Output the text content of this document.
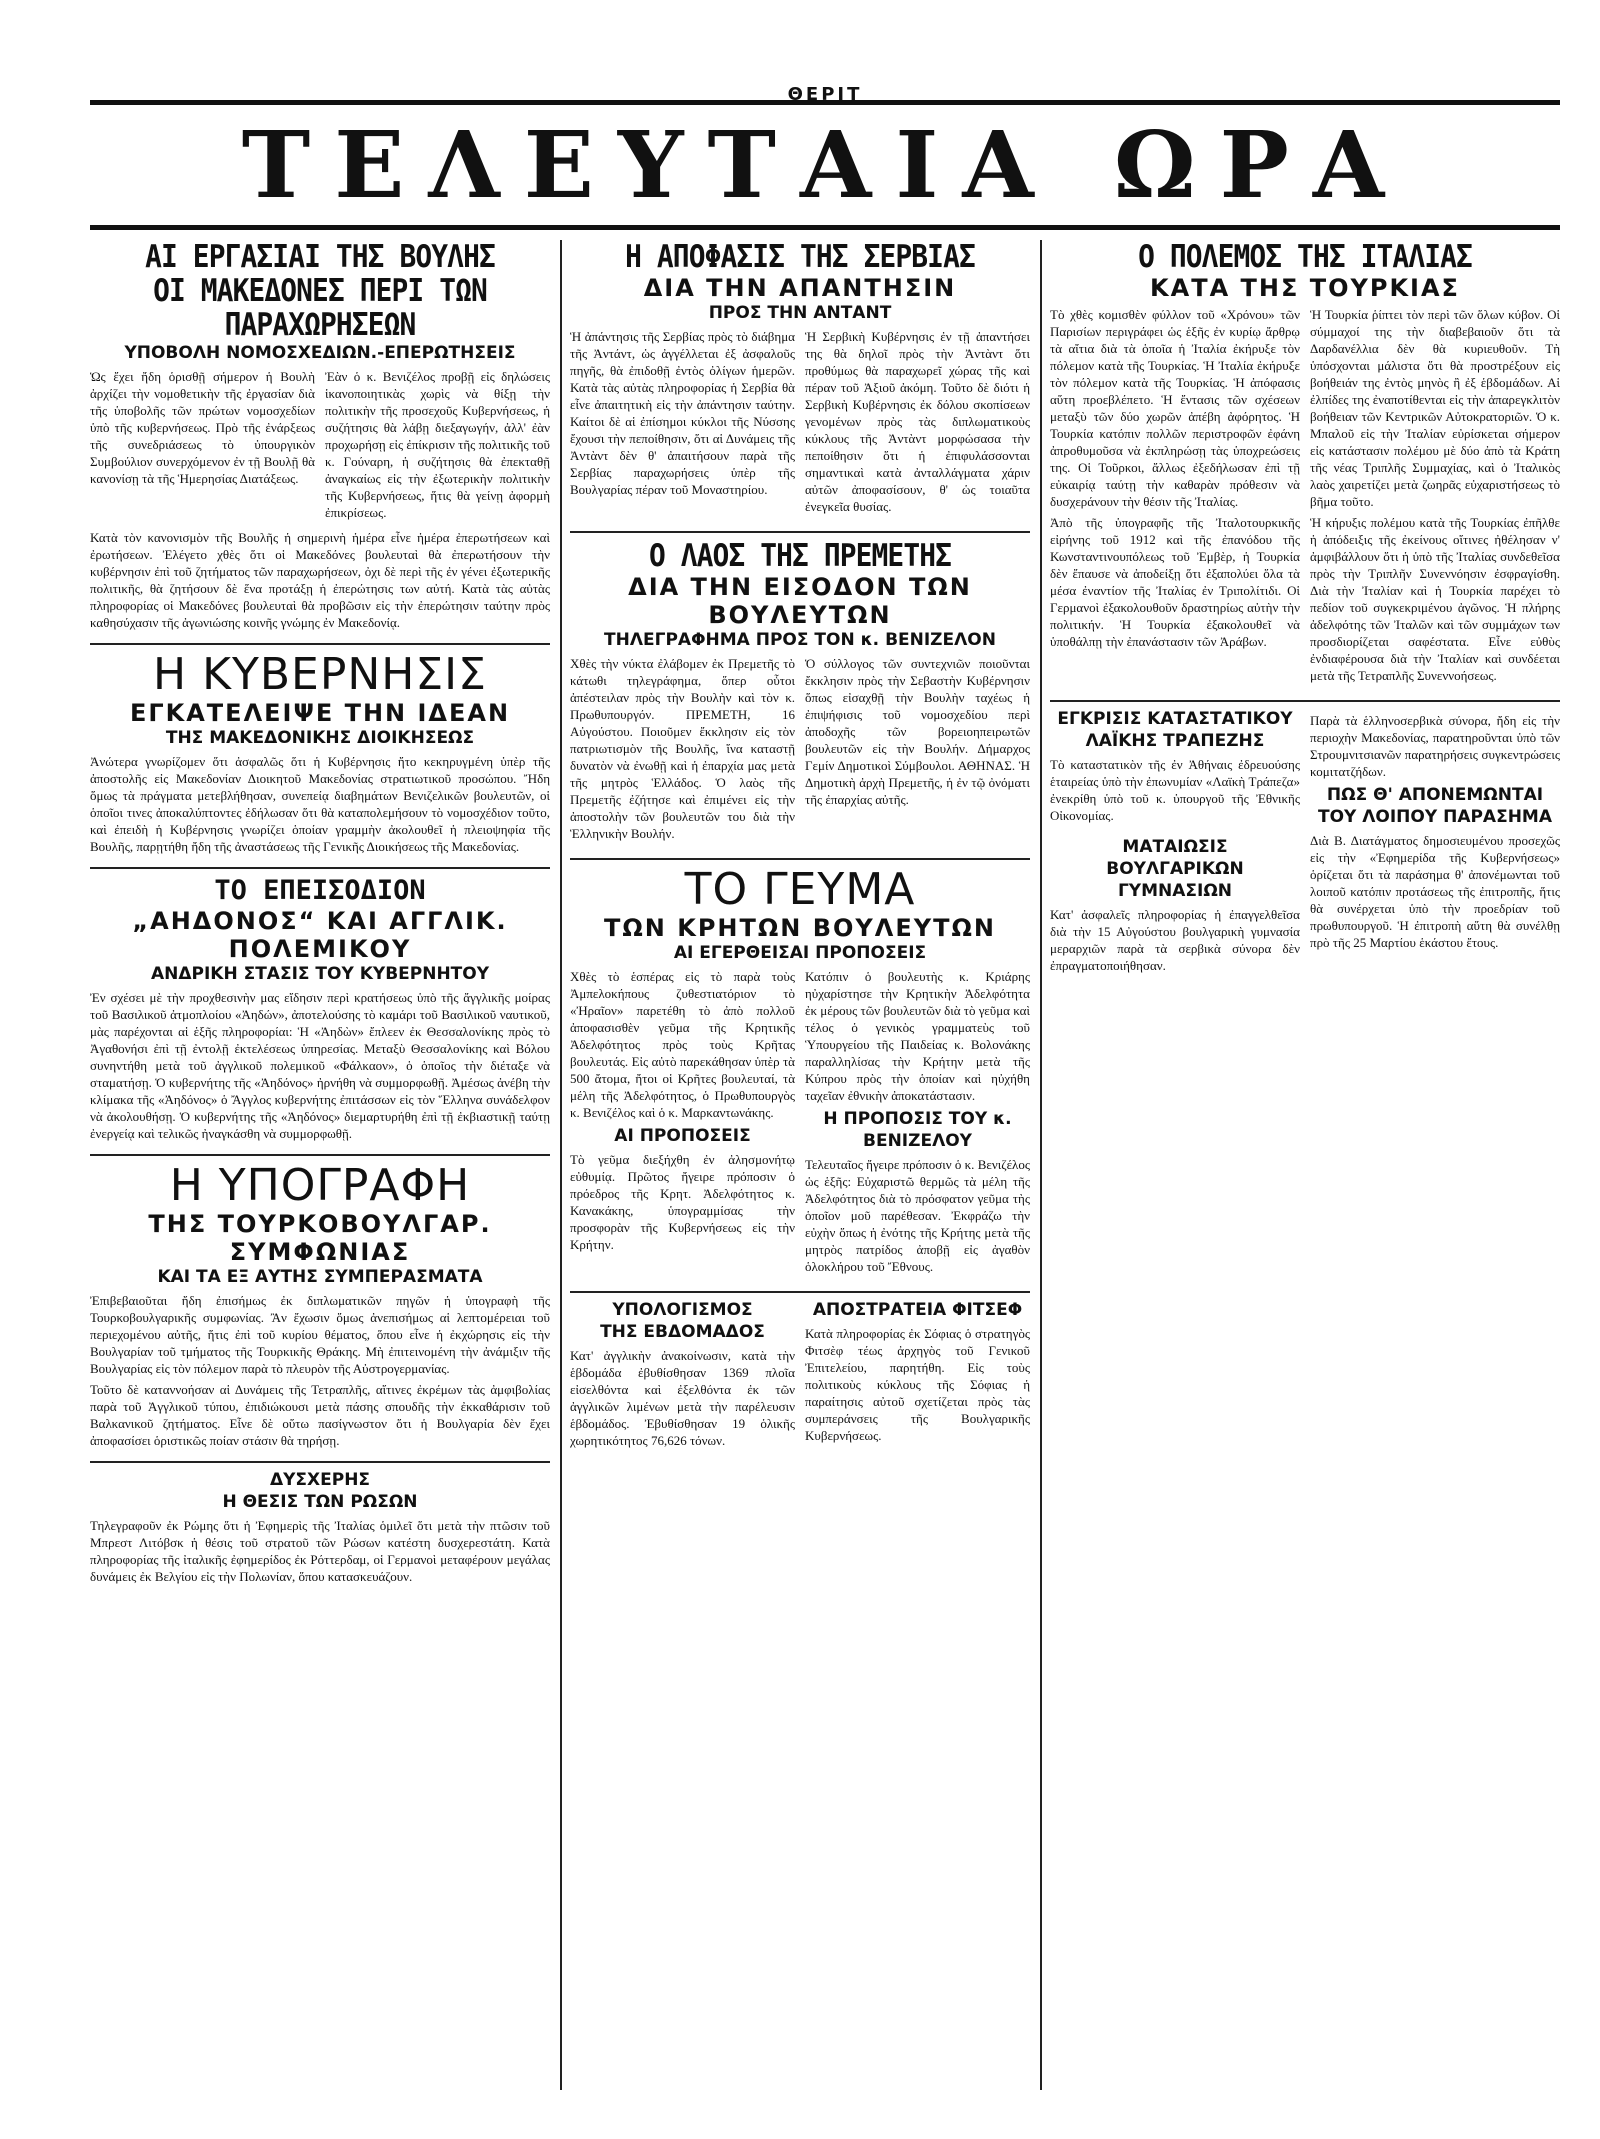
ΘΕΡΙΤ
ΤΕΛΕΥΤΑΙΑ ΩΡΑ
ΑΙ ΕΡΓΑΣΙΑΙ ΤΗΣ ΒΟΥΛΗΣ
ΟΙ ΜΑΚΕΔΟΝΕΣ ΠΕΡΙ ΤΩΝ ΠΑΡΑΧΩΡΗΣΕΩΝ
ΥΠΟΒΟΛΗ ΝΟΜΟΣΧΕΔΙΩΝ.-ΕΠΕΡΩΤΗΣΕΙΣ

Ὡς ἔχει ἤδη ὁρισθῇ σήμερον ἡ Βουλὴ ἀρχίζει τὴν νομοθετικὴν τῆς ἐργασίαν διὰ τῆς ὑποβολῆς τῶν πρώτων νομοσχεδίων ὑπὸ τῆς κυβερνήσεως. Πρὸ τῆς ἐνάρξεως τῆς συνεδριάσεως τὸ ὑπουργικὸν Συμβούλιον συνερχόμενον ἐν τῇ Βουλῇ θὰ κανονίσῃ τὰ τῆς Ἡμερησίας Διατάξεως.

Ἐὰν ὁ κ. Βενιζέλος προβῇ εἰς δηλώσεις ἱκανοποιητικὰς χωρὶς νὰ θίξῃ τὴν πολιτικὴν τῆς προσεχοῦς Κυβερνήσεως, ἡ συζήτησις θὰ λάβῃ διεξαγωγήν, ἀλλ' ἐὰν προχωρήσῃ εἰς ἐπίκρισιν τῆς πολιτικῆς τοῦ κ. Γούναρη, ἡ συζήτησις θὰ ἐπεκταθῇ ἀναγκαίως εἰς τὴν ἐξωτερικὴν πολιτικὴν τῆς Κυβερνήσεως, ἥτις θὰ γείνῃ ἀφορμὴ ἐπικρίσεως.

Κατὰ τὸν κανονισμὸν τῆς Βουλῆς ἡ σημερινὴ ἡμέρα εἶνε ἡμέρα ἐπερωτήσεων καὶ ἐρωτήσεων. Ἐλέγετο χθὲς ὅτι οἱ Μακεδόνες βουλευταὶ θὰ ἐπερωτήσουν τὴν κυβέρνησιν ἐπὶ τοῦ ζητήματος τῶν παραχωρήσεων, ὀχι δὲ περὶ τῆς ἐν γένει ἐξωτερικῆς πολιτικῆς, θὰ ζητήσουν δὲ ἕνα προτάξῃ ἡ ἐπερώτησις των αὐτή. Κατὰ τὰς αὐτὰς πληροφορίας οἱ Μακεδόνες βουλευταὶ θὰ προβῶσιν εἰς τὴν ἐπερώτησιν ταύτην πρὸς καθησύχασιν τῆς ἀγωνιώσης κοινῆς γνώμης ἐν Μακεδονίᾳ.

Η ΚΥΒΕΡΝΗΣΙΣ
ΕΓΚΑΤΕΛΕΙΨΕ ΤΗΝ ΙΔΕΑΝ
ΤΗΣ ΜΑΚΕΔΟΝΙΚΗΣ ΔΙΟΙΚΗΣΕΩΣ

Ἀνώτερα γνωρίζομεν ὅτι ἀσφαλῶς ὅτι ἡ Κυβέρνησις ἤτο κεκηρυγμένη ὑπὲρ τῆς ἀποστολῆς εἰς Μακεδονίαν Διοικητοῦ Μακεδονίας στρατιωτικοῦ προσώπου. Ἤδη ὅμως τὰ πράγματα μετεβλήθησαν, συνεπείᾳ διαβημάτων Βενιζελικῶν βουλευτῶν, οἱ ὁποῖοι τινες ἀποκαλύπτοντες ἐδήλωσαν ὅτι θὰ καταπολεμήσουν τὸ νομοσχέδιον τοῦτο, καὶ ἐπειδὴ ἡ Κυβέρνησις γνωρίζει ὁποίαν γραμμὴν ἀκολουθεῖ ἡ πλειοψηφία τῆς Βουλῆς, παρῃτήθη ἤδη τῆς ἀναστάσεως τῆς Γενικῆς Διοικήσεως τῆς Μακεδονίας.

ΤΟ ΕΠΕΙΣΟΔΙΟΝ
„ΑΗΔΟΝΟΣ“ ΚΑΙ ΑΓΓΛΙΚ. ΠΟΛΕΜΙΚΟΥ
ΑΝΔΡΙΚΗ ΣΤΑΣΙΣ ΤΟΥ ΚΥΒΕΡΝΗΤΟΥ

Ἐν σχέσει μὲ τὴν προχθεσινὴν μας εἴδησιν περὶ κρατήσεως ὑπὸ τῆς ἄγγλικῆς μοίρας τοῦ Βασιλικοῦ ἀτμοπλοίου «Ἀηδών», ἀποτελούσης τὸ καμάρι τοῦ Βασιλικοῦ ναυτικοῦ, μὰς παρέχονται αἱ ἑξῆς πληροφορίαι: Ἡ «Ἀηδὼν» ἔπλεεν ἐκ Θεσσαλονίκης πρὸς τὸ Ἀγαθονήσι ἐπὶ τῇ ἐντολῇ ἐκτελέσεως ὑπηρεσίας. Μεταξὺ Θεσσαλονίκης καὶ Βόλου συνηντήθη μετὰ τοῦ ἀγγλικοῦ πολεμικοῦ «Φάλκαον», ὁ ὁποῖος τὴν διέταξε νὰ σταματήσῃ. Ὁ κυβερνήτης τῆς «Ἀηδόνος» ἠρνήθη νὰ συμμορφωθῇ. Ἀμέσως ἀνέβη τὴν κλίμακα τῆς «Ἀηδόνος» ὁ Ἄγγλος κυβερνήτης ἐπιτάσσων εἰς τὸν Ἕλληνα συνάδελφον νὰ ἀκολουθήσῃ. Ὁ κυβερνήτης τῆς «Ἀηδόνος» διεμαρτυρήθη ἐπὶ τῇ ἐκβιαστικῇ ταύτῃ ἐνεργείᾳ καὶ τελικῶς ἠναγκάσθη νὰ συμμορφωθῇ.

Η ΥΠΟΓΡΑΦΗ
ΤΗΣ ΤΟΥΡΚΟΒΟΥΛΓΑΡ. ΣΥΜΦΩΝΙΑΣ
ΚΑΙ ΤΑ ΕΞ ΑΥΤΗΣ ΣΥΜΠΕΡΑΣΜΑΤΑ

Ἐπιβεβαιοῦται ἤδη ἐπισήμως ἐκ διπλωματικῶν πηγῶν ἡ ὑπογραφὴ τῆς Τουρκοβουλγαρικῆς συμφωνίας. Ἂν ἔχωσιν ὅμως ἀνεπισήμως αἱ λεπτομέρειαι τοῦ περιεχομένου αὐτῆς, ἥτις ἐπὶ τοῦ κυρίου θέματος, ὅπου εἶνε ἡ ἐκχώρησις εἰς τὴν Βουλγαρίαν τοῦ τμήματος τῆς Τουρκικῆς Θράκης. Μὴ ἐπιτεινομένη τὴν ἀνάμιξιν τῆς Βουλγαρίας εἰς τὸν πόλεμον παρὰ τὸ πλευρὸν τῆς Αὐστρογερμανίας.

Τοῦτο δὲ καταννοήσαν αἱ Δυνάμεις τῆς Τετραπλῆς, αἵτινες ἐκρέμων τὰς ἀμφιβολίας παρὰ τοῦ Ἀγγλικοῦ τύπου, ἐπιδιώκουσι μετὰ πάσης σπουδῆς τὴν ἐκκαθάρισιν τοῦ Βαλκανικοῦ ζητήματος. Εἶνε δὲ οὕτω πασίγνωστον ὅτι ἡ Βουλγαρία δὲν ἔχει ἀποφασίσει ὁριστικῶς ποίαν στάσιν θὰ τηρήσῃ.

ΔΥΣΧΕΡΗΣ
Η ΘΕΣΙΣ ΤΩΝ ΡΩΣΩΝ

Τηλεγραφοῦν ἐκ Ρώμης ὅτι ἡ Ἐφημερὶς τῆς Ἰταλίας ὁμιλεῖ ὅτι μετὰ τὴν πτῶσιν τοῦ Μπρεστ Λιτόβσκ ἡ θέσις τοῦ στρατοῦ τῶν Ρώσων κατέστη δυσχερεστάτη. Κατὰ πληροφορίας τῆς ἰταλικῆς ἐφημερίδος ἐκ Ρόττερδαμ, οἱ Γερμανοὶ μεταφέρουν μεγάλας δυνάμεις ἐκ Βελγίου εἰς τὴν Πολωνίαν, ὅπου κατασκευάζουν.

Η ΑΠΟΦΑΣΙΣ ΤΗΣ ΣΕΡΒΙΑΣ
ΔΙΑ ΤΗΝ ΑΠΑΝΤΗΣΙΝ
ΠΡΟΣ ΤΗΝ ΑΝΤΑΝΤ

Ἡ ἀπάντησις τῆς Σερβίας πρὸς τὸ διάβημα τῆς Ἀντάντ, ὡς ἀγγέλλεται ἐξ ἀσφαλοῦς πηγῆς, θὰ ἐπιδοθῇ ἐντὸς ὀλίγων ἡμερῶν. Κατὰ τὰς αὐτὰς πληροφορίας ἡ Σερβία θὰ εἶνε ἀπαιτητικὴ εἰς τὴν ἀπάντησιν ταύτην. Καίτοι δὲ αἱ ἐπίσημοι κύκλοι τῆς Νύσσης ἔχουσι τὴν πεποίθησιν, ὅτι αἱ Δυνάμεις τῆς Ἀντὰντ δὲν θ' ἀπαιτήσουν παρὰ τῆς Σερβίας παραχωρήσεις ὑπὲρ τῆς Βουλγαρίας πέραν τοῦ Μοναστηρίου.

Ἡ Σερβικὴ Κυβέρνησις ἐν τῇ ἀπαντήσει της θὰ δηλοῖ πρὸς τὴν Ἀντὰντ ὅτι προθύμως θὰ παραχωρεῖ χώρας τῆς καὶ πέραν τοῦ Ἀξιοῦ ἀκόμη. Τοῦτο δὲ διότι ἡ Σερβικὴ Κυβέρνησις ἐκ δόλου σκοπίσεων γενομένων πρὸς τὰς διπλωματικοὺς κύκλους τῆς Ἀντὰντ μορφώσασα τὴν πεποίθησιν ὅτι ἡ ἐπιφυλάσσονται σημαντικαὶ κατὰ ἀνταλλάγματα χάριν αὐτῶν ἀποφασίσουν, θ' ὡς τοιαῦτα ἐνεγκεῖα θυσίας.

Ο ΛΑΟΣ ΤΗΣ ΠΡΕΜΕΤΗΣ
ΔΙΑ ΤΗΝ ΕΙΣΟΔΟΝ ΤΩΝ ΒΟΥΛΕΥΤΩΝ
ΤΗΛΕΓΡΑΦΗΜΑ ΠΡΟΣ ΤΟΝ κ. ΒΕΝΙΖΕΛΟΝ

Χθὲς τὴν νύκτα ἐλάβομεν ἐκ Πρεμετῆς τὸ κάτωθι τηλεγράφημα, ὅπερ οὗτοι ἀπέστειλαν πρὸς τὴν Βουλὴν καὶ τὸν κ. Πρωθυπουργόν. ΠΡΕΜΕΤΗ, 16 Αὐγούστου. Ποιοῦμεν ἔκκλησιν εἰς τὸν πατριωτισμὸν τῆς Βουλῆς, ἵνα καταστῇ δυνατὸν νὰ ἐνωθῇ καὶ ἡ ἐπαρχία μας μετὰ τῆς μητρὸς Ἑλλάδος. Ὁ λαὸς τῆς Πρεμετῆς ἐζήτησε καὶ ἐπιμένει εἰς τὴν ἀποστολὴν τῶν βουλευτῶν του διὰ τὴν Ἑλληνικὴν Βουλήν.

Ὁ σύλλογος τῶν συντεχνιῶν ποιοῦνται ἔκκλησιν πρὸς τὴν Σεβαστὴν Κυβέρνησιν ὅπως εἰσαχθῇ τὴν Βουλὴν ταχέως ἡ ἐπιψήφισις τοῦ νομοσχεδίου περὶ ἀποδοχῆς τῶν βορειοηπειρωτῶν βουλευτῶν εἰς τὴν Βουλήν. Δήμαρχος Γεμίν Δημοτικοὶ Σύμβουλοι. ΑΘΗΝΑΣ. Ἡ Δημοτικὴ ἀρχὴ Πρεμετῆς, ἡ ἐν τῷ ὀνόματι τῆς ἐπαρχίας αὐτῆς.

ΤΟ ΓΕΥΜΑ
ΤΩΝ ΚΡΗΤΩΝ ΒΟΥΛΕΥΤΩΝ
ΑΙ ΕΓΕΡΘΕΙΣΑΙ ΠΡΟΠΟΣΕΙΣ

Χθὲς τὸ ἑσπέρας εἰς τὸ παρὰ τοὺς Ἀμπελοκήπους ζυθεστιατόριον τὸ «Ἠραῖον» παρετέθη τὸ ἀπὸ πολλοῦ ἀποφασισθὲν γεῦμα τῆς Κρητικῆς Ἀδελφότητος πρὸς τοὺς Κρῆτας βουλευτάς. Εἰς αὐτὸ παρεκάθησαν ὑπὲρ τὰ 500 ἄτομα, ἤτοι οἱ Κρῆτες βουλευταί, τὰ μέλη τῆς Ἀδελφότητος, ὁ Πρωθυπουργὸς κ. Βενιζέλος καὶ ὁ κ. Μαρκαντωνάκης.

ΑΙ ΠΡΟΠΟΣΕΙΣ

Τὸ γεῦμα διεξήχθη ἐν ἀλησμονήτῳ εὐθυμίᾳ. Πρῶτος ἤγειρε πρόποσιν ὁ πρόεδρος τῆς Κρητ. Ἀδελφότητος κ. Κανακάκης, ὑπογραμμίσας τὴν προσφορὰν τῆς Κυβερνήσεως εἰς τὴν Κρήτην.

Κατόπιν ὁ βουλευτὴς κ. Κριάρης ηὐχαρίστησε τὴν Κρητικὴν Ἀδελφότητα ἐκ μέρους τῶν βουλευτῶν διὰ τὸ γεῦμα καὶ τέλος ὁ γενικὸς γραμματεὺς τοῦ Ὑπουργείου τῆς Παιδείας κ. Βολονάκης παραλληλίσας τὴν Κρήτην μετὰ τῆς Κύπρου πρὸς τὴν ὁποίαν καὶ ηὐχήθη ταχεῖαν ἐθνικὴν ἀποκατάστασιν.

Η ΠΡΟΠΟΣΙΣ ΤΟΥ κ. ΒΕΝΙΖΕΛΟΥ

Τελευταῖος ἤγειρε πρόποσιν ὁ κ. Βενιζέλος ὡς ἑξῆς: Εὐχαριστῶ θερμῶς τὰ μέλη τῆς Ἀδελφότητος διὰ τὸ πρόσφατον γεῦμα τὴς ὁποῖον μοῦ παρέθεσαν. Ἐκφράζω τὴν εὐχὴν ὅπως ἡ ἐνότης τῆς Κρήτης μετὰ τῆς μητρὸς πατρίδος ἀποβῇ εἰς ἀγαθὸν ὁλοκλήρου τοῦ Ἔθνους.

ΥΠΟΛΟΓΙΣΜΟΣ
ΤΗΣ ΕΒΔΟΜΑΔΟΣ

Κατ' ἀγγλικὴν ἀνακοίνωσιν, κατὰ τὴν ἑβδομάδα ἐβυθίσθησαν 1369 πλοῖα εἰσελθόντα καὶ ἐξελθόντα ἐκ τῶν ἀγγλικῶν λιμένων μετὰ τὴν παρέλευσιν ἑβδομάδος. Ἐβυθίσθησαν 19 ὁλικῆς χωρητικότητος 76,626 τόνων.

ΑΠΟΣΤΡΑΤΕΙΑ ΦΙΤΣΕΦ

Κατὰ πληροφορίας ἐκ Σόφιας ὁ στρατηγὸς Φιτσὲφ τέως ἀρχηγὸς τοῦ Γενικοῦ Ἐπιτελείου, παρητήθη. Εἰς τοὺς πολιτικοὺς κύκλους τῆς Σόφιας ἡ παραίτησις αὐτοῦ σχετίζεται πρὸς τὰς συμπεράνσεις τῆς Βουλγαρικῆς Κυβερνήσεως.

Ο ΠΟΛΕΜΟΣ ΤΗΣ ΙΤΑΛΙΑΣ
ΚΑΤΑ ΤΗΣ ΤΟΥΡΚΙΑΣ

Τὸ χθὲς κομισθὲν φύλλον τοῦ «Χρόνου» τῶν Παρισίων περιγράφει ὡς ἑξῆς ἐν κυρίῳ ἄρθρῳ τὰ αἴτια διὰ τὰ ὁποῖα ἡ Ἰταλία ἐκήρυξε τὸν πόλεμον κατὰ τῆς Τουρκίας. Ἡ Ἰταλία ἐκήρυξε τὸν πόλεμον κατὰ τῆς Τουρκίας. Ἡ ἀπόφασις αὕτη προεβλέπετο. Ἡ ἔντασις τῶν σχέσεων μεταξὺ τῶν δύο χωρῶν ἀπέβη ἀφόρητος. Ἡ Τουρκία κατόπιν πολλῶν περιστροφῶν ἐφάνη ἀπροθυμοῦσα νὰ ἐκπληρώσῃ τὰς ὑποχρεώσεις της. Οἱ Τοῦρκοι, ἄλλως ἐξεδήλωσαν ἐπὶ τῇ εὐκαιρίᾳ ταύτῃ τὴν καθαρὰν πρόθεσιν νὰ δυσχεράνουν τὴν θέσιν τῆς Ἰταλίας.

Ἀπὸ τῆς ὑπογραφῆς τῆς Ἰταλοτουρκικῆς εἰρήνης τοῦ 1912 καὶ τῆς ἐπανόδου τῆς Κωνσταντινουπόλεως τοῦ Ἐμβὲρ, ἡ Τουρκία δὲν ἔπαυσε νὰ ἀποδείξῃ ὅτι ἐξαπολύει ὅλα τὰ μέσα ἐναντίον τῆς Ἰταλίας ἐν Τριπολίτιδι. Οἱ Γερμανοὶ ἐξακολουθοῦν δραστηρίως αὐτὴν τὴν πολιτικήν. Ἡ Τουρκία ἐξακολουθεῖ νὰ ὑποθάλπῃ τὴν ἐπανάστασιν τῶν Ἀράβων.

Ἡ Τουρκία ῥίπτει τὸν περὶ τῶν ὅλων κύβον. Οἱ σύμμαχοί της τὴν διαβεβαιοῦν ὅτι τὰ Δαρδανέλλια δὲν θὰ κυριευθοῦν. Τὴ ὑπόσχονται μάλιστα ὅτι θὰ προστρέξουν εἰς βοήθειάν της ἐντὸς μηνὸς ἢ ἐξ ἑβδομάδων. Αἱ ἐλπίδες της ἐναποτίθενται εἰς τὴν ἀπαρεγκλιτὸν βοήθειαν τῶν Κεντρικῶν Αὐτοκρατοριῶν. Ὁ κ. Μπαλοῦ εἰς τὴν Ἰταλίαν εὐρίσκεται σήμερον εἰς κατάστασιν πολέμου μὲ δύο ἀπὸ τὰ Κράτη τῆς νέας Τριπλῆς Συμμαχίας, καὶ ὁ Ἰταλικὸς λαὸς χαιρετίζει μετὰ ζωηρᾶς εὐχαριστήσεως τὸ βῆμα τοῦτο.

Ἡ κήρυξις πολέμου κατὰ τῆς Τουρκίας ἐπῆλθε ἡ ἀπόδειξις τῆς ἐκείνους οἵτινες ἠθέλησαν ν' ἀμφιβάλλουν ὅτι ἡ ὑπὸ τῆς Ἰταλίας συνδεθεῖσα πρὸς τὴν Τριπλῆν Συνεννόησιν ἐσφραγίσθη. Διὰ τὴν Ἰταλίαν καὶ ἡ Τουρκία παρέχει τὸ πεδίον τοῦ συγκεκριμένου ἀγῶνος. Ἡ πλήρης ἀδελφότης τῶν Ἰταλῶν καὶ τῶν συμμάχων των προσδιορίζεται σαφέστατα. Εἶνε εὐθὺς ἐνδιαφέρουσα διὰ τὴν Ἰταλίαν καὶ συνδέεται μετὰ τῆς Τετραπλῆς Συνεννοήσεως.

ΕΓΚΡΙΣΙΣ ΚΑΤΑΣΤΑΤΙΚΟΥ
ΛΑΪΚΗΣ ΤΡΑΠΕΖΗΣ

Τὸ καταστατικὸν τῆς ἐν Ἀθήναις ἐδρευούσης ἑταιρείας ὑπὸ τὴν ἐπωνυμίαν «Λαϊκὴ Τράπεζα» ἐνεκρίθη ὑπὸ τοῦ κ. ὑπουργοῦ τῆς Ἐθνικῆς Οἰκονομίας.

ΜΑΤΑΙΩΣΙΣ
ΒΟΥΛΓΑΡΙΚΩΝ ΓΥΜΝΑΣΙΩΝ

Κατ' ἀσφαλεῖς πληροφορίας ἡ ἐπαγγελθεῖσα διὰ τὴν 15 Αὐγούστου βουλγαρικὴ γυμνασία μεραρχιῶν παρὰ τὰ σερβικὰ σύνορα δὲν ἐπραγματοποιήθησαν.

Παρὰ τὰ ἑλληνοσερβικὰ σύνορα, ἤδη εἰς τὴν περιοχὴν Μακεδονίας, παρατηροῦνται ὑπὸ τῶν Στρουμνιτσιανῶν παρατηρήσεις συγκεντρώσεις κομιτατζήδων.

ΠΩΣ Θ' ΑΠΟΝΕΜΩΝΤΑΙ
ΤΟΥ ΛΟΙΠΟΥ ΠΑΡΑΣΗΜΑ

Διὰ Β. Διατάγματος δημοσιευμένου προσεχῶς εἰς τὴν «Ἐφημερίδα τῆς Κυβερνήσεως» ὁρίζεται ὅτι τὰ παράσημα θ' ἀπονέμωνται τοῦ λοιποῦ κατόπιν προτάσεως τῆς ἐπιτροπῆς, ἥτις θὰ συνέρχεται ὑπὸ τὴν προεδρίαν τοῦ πρωθυπουργοῦ. Ἡ ἐπιτροπὴ αὕτη θὰ συνέλθῃ πρὸ τῆς 25 Μαρτίου ἑκάστου ἔτους.
